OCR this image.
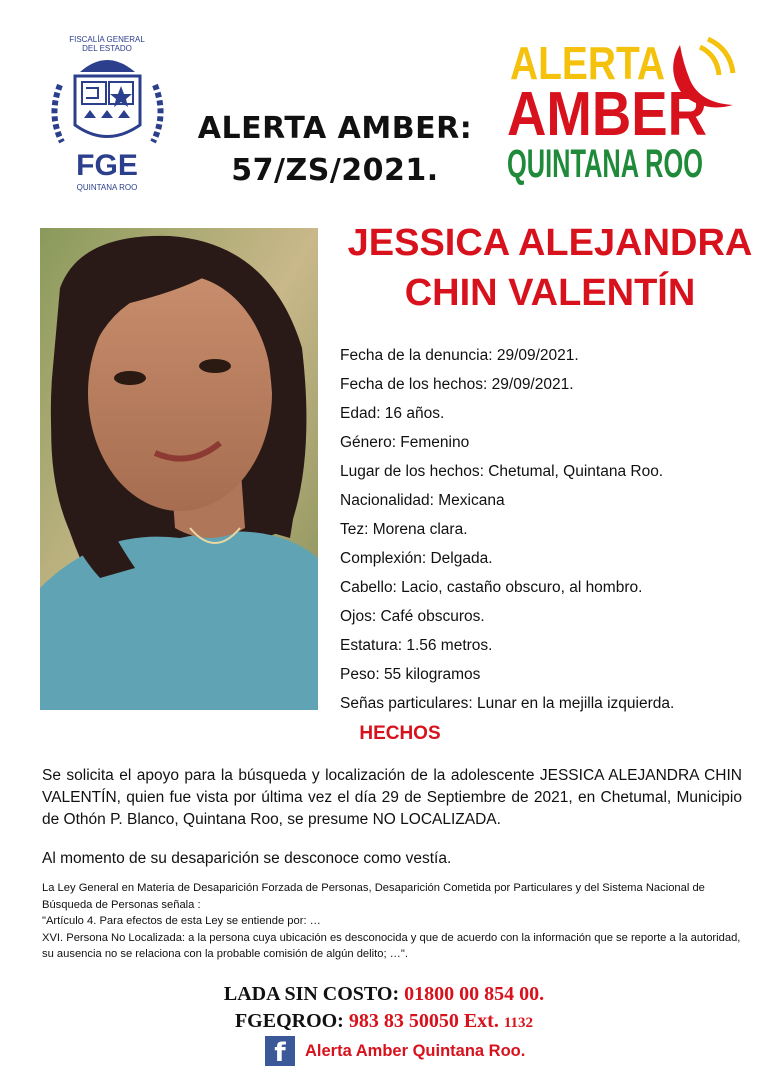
FISCALÍA GENERAL
DEL ESTADO
FGE
QUINTANA ROO
ALERTA AMBER:
57/ZS/2021.
ALERTA
AMBER
QUINTANA ROO
JESSICA ALEJANDRA
CHIN VALENTÍN
Fecha de la denuncia: 29/09/2021.
Fecha de los hechos: 29/09/2021.
Edad: 16 años.
Género: Femenino
Lugar de los hechos: Chetumal, Quintana Roo.
Nacionalidad: Mexicana
Tez: Morena clara.
Complexión: Delgada.
Cabello: Lacio, castaño obscuro, al hombro.
Ojos: Café obscuros.
Estatura: 1.56 metros.
Peso: 55 kilogramos
Señas particulares: Lunar en la mejilla izquierda.
HECHOS
Se solicita el apoyo para la búsqueda y localización de la adolescente JESSICA ALEJANDRA CHIN VALENTÍN, quien fue vista por última vez el día 29 de Septiembre de 2021, en Chetumal, Municipio de Othón P. Blanco, Quintana Roo, se presume NO LOCALIZADA.
Al momento de su desaparición se desconoce como vestía.
La Ley General en Materia de Desaparición Forzada de Personas, Desaparición Cometida por Particulares y del Sistema Nacional de Búsqueda de Personas señala :
"Artículo 4. Para efectos de esta Ley se entiende por: …
XVI. Persona No Localizada: a la persona cuya ubicación es desconocida y que de acuerdo con la información que se reporte a la autoridad, su ausencia no se relaciona con la probable comisión de algún delito; …".
LADA SIN COSTO: 01800 00 854 00.
FGEQROO: 983 83 50050 Ext. 1132
f	Alerta Amber Quintana Roo.
